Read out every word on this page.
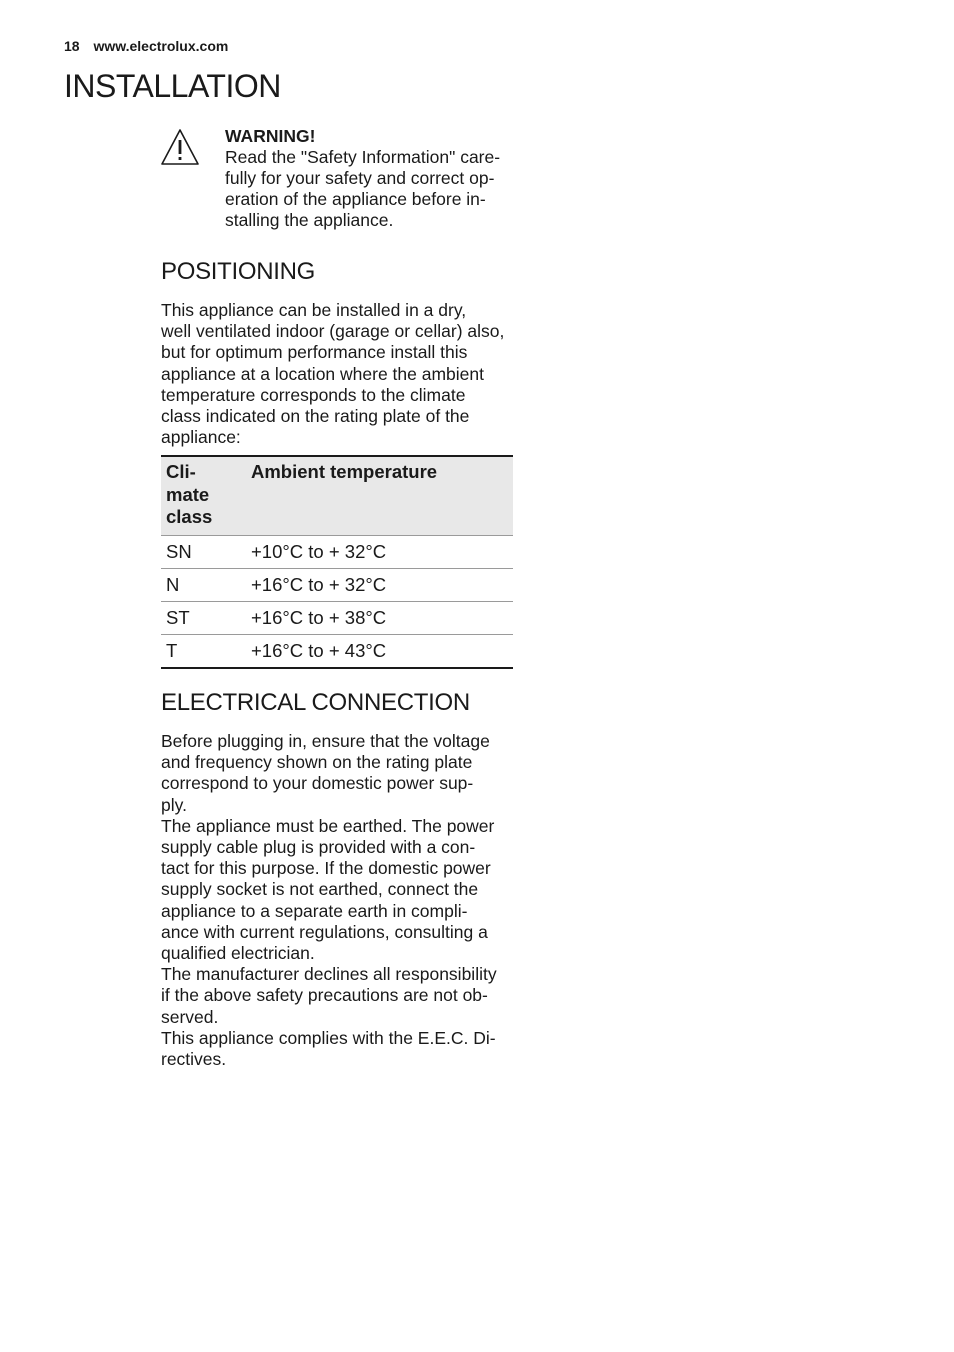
18 www.electrolux.com
INSTALLATION
WARNING!
Read the "Safety Information" care-
fully for your safety and correct op-
eration of the appliance before in-
stalling the appliance.
POSITIONING

This appliance can be installed in a dry,
well ventilated indoor (garage or cellar) also,
but for optimum performance install this
appliance at a location where the ambient
temperature corresponds to the climate
class indicated on the rating plate of the
appliance:

Cli-
mate
class	Ambient temperature
SN	+10°C to + 32°C
N	+16°C to + 32°C
ST	+16°C to + 38°C
T	+16°C to + 43°C
ELECTRICAL CONNECTION

Before plugging in, ensure that the voltage
and frequency shown on the rating plate
correspond to your domestic power sup-
ply.
The appliance must be earthed. The power
supply cable plug is provided with a con-
tact for this purpose. If the domestic power
supply socket is not earthed, connect the
appliance to a separate earth in compli-
ance with current regulations, consulting a
qualified electrician.
The manufacturer declines all responsibility
if the above safety precautions are not ob-
served.
This appliance complies with the E.E.C. Di-
rectives.
